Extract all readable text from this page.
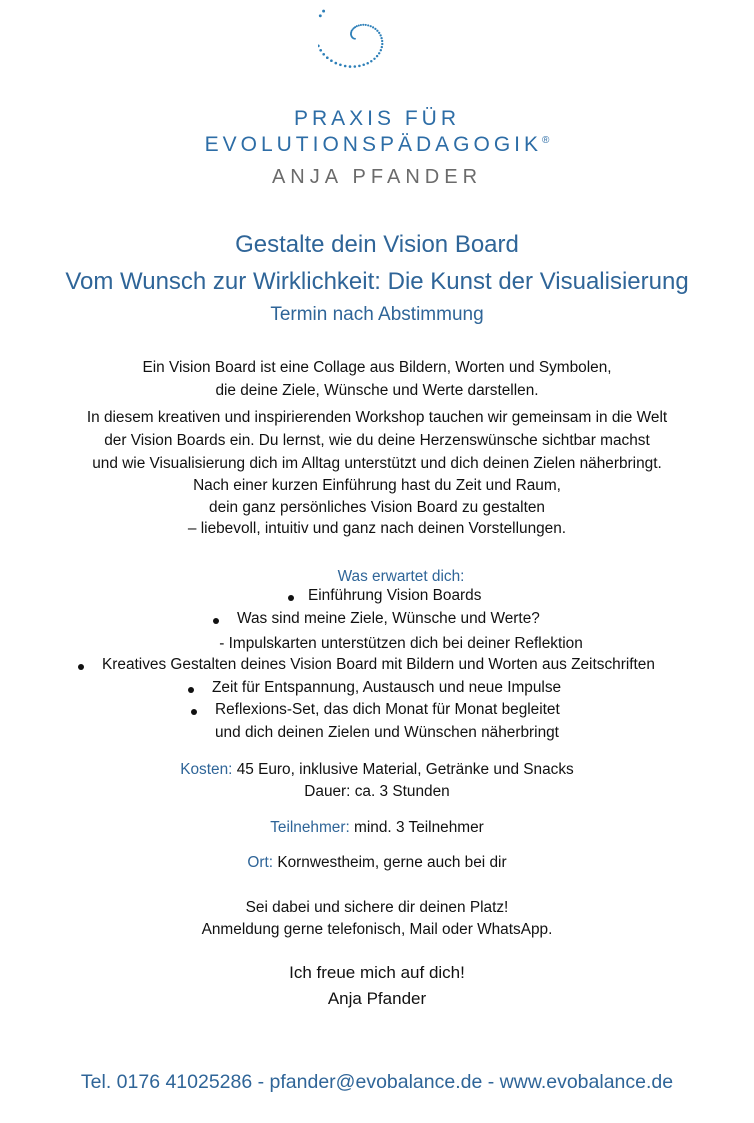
PRAXIS FÜR
EVOLUTIONSPÄDAGOGIK®
ANJA PFANDER
Gestalte dein Vision Board
Vom Wunsch zur Wirklichkeit: Die Kunst der Visualisierung
Termin nach Abstimmung
Ein Vision Board ist eine Collage aus Bildern, Worten und Symbolen,
die deine Ziele, Wünsche und Werte darstellen.
In diesem kreativen und inspirierenden Workshop tauchen wir gemeinsam in die Welt
der Vision Boards ein. Du lernst, wie du deine Herzenswünsche sichtbar machst
und wie Visualisierung dich im Alltag unterstützt und dich deinen Zielen näherbringt.
Nach einer kurzen Einführung hast du Zeit und Raum,
dein ganz persönliches Vision Board zu gestalten
– liebevoll, intuitiv und ganz nach deinen Vorstellungen.
Was erwartet dich:
Einführung Vision Boards
Was sind meine Ziele, Wünsche und Werte?
- Impulskarten unterstützen dich bei deiner Reflektion
Kreatives Gestalten deines Vision Board mit Bildern und Worten aus Zeitschriften
Zeit für Entspannung, Austausch und neue Impulse
Reflexions-Set, das dich Monat für Monat begleitet
und dich deinen Zielen und Wünschen näherbringt
Kosten: 45 Euro, inklusive Material, Getränke und Snacks
Dauer: ca. 3 Stunden
Teilnehmer: mind. 3 Teilnehmer
Ort: Kornwestheim, gerne auch bei dir
Sei dabei und sichere dir deinen Platz!
Anmeldung gerne telefonisch, Mail oder WhatsApp.
Ich freue mich auf dich!
Anja Pfander
Tel. 0176 41025286 - pfander@evobalance.de - www.evobalance.de
